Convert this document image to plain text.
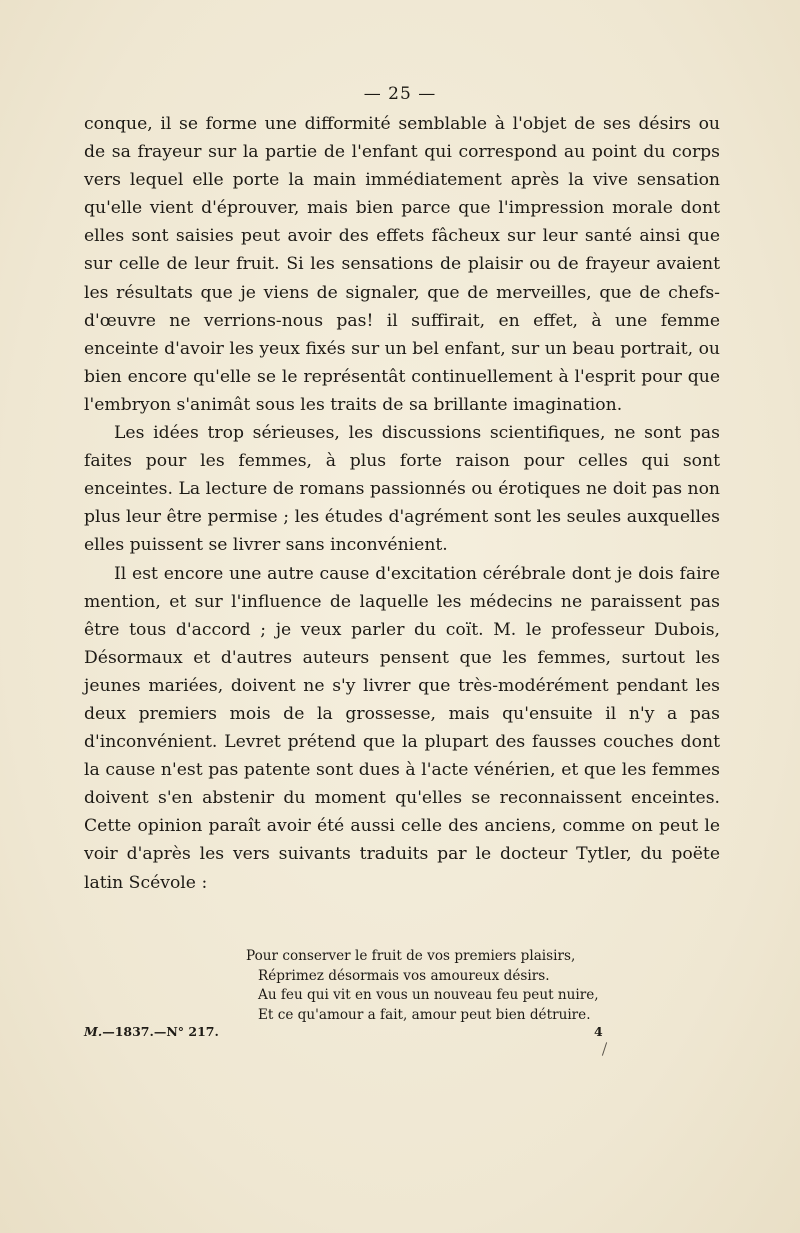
— 25 —

conque, il se forme une difformité semblable à l'objet de ses désirs ou de sa frayeur sur la partie de l'enfant qui correspond au point du corps vers lequel elle porte la main immédiatement après la vive sensation qu'elle vient d'éprouver, mais bien parce que l'impression morale dont elles sont saisies peut avoir des effets fâcheux sur leur santé ainsi que sur celle de leur fruit. Si les sensations de plaisir ou de frayeur avaient les résultats que je viens de signaler, que de merveilles, que de chefs-d'œuvre ne verrions-nous pas! il suffirait, en effet, à une femme enceinte d'avoir les yeux fixés sur un bel enfant, sur un beau portrait, ou bien encore qu'elle se le représentât continuellement à l'esprit pour que l'embryon s'animât sous les traits de sa brillante imagination.

Les idées trop sérieuses, les discussions scientifiques, ne sont pas faites pour les femmes, à plus forte raison pour celles qui sont enceintes. La lecture de romans passionnés ou érotiques ne doit pas non plus leur être permise ; les études d'agrément sont les seules auxquelles elles puissent se livrer sans inconvénient.

Il est encore une autre cause d'excitation cérébrale dont je dois faire mention, et sur l'influence de laquelle les médecins ne paraissent pas être tous d'accord ; je veux parler du coït. M. le professeur Dubois, Désormaux et d'autres auteurs pensent que les femmes, surtout les jeunes mariées, doivent ne s'y livrer que très-modérément pendant les deux premiers mois de la grossesse, mais qu'ensuite il n'y a pas d'inconvénient. Levret prétend que la plupart des fausses couches dont la cause n'est pas patente sont dues à l'acte vénérien, et que les femmes doivent s'en abstenir du moment qu'elles se reconnaissent enceintes. Cette opinion paraît avoir été aussi celle des anciens, comme on peut le voir d'après les vers suivants traduits par le docteur Tytler, du poëte latin Scévole :

Pour conserver le fruit de vos premiers plaisirs,
Réprimez désormais vos amoureux désirs.
Au feu qui vit en vous un nouveau feu peut nuire,
Et ce qu'amour a fait, amour peut bien détruire.
M.—1837.—N° 217.	4
